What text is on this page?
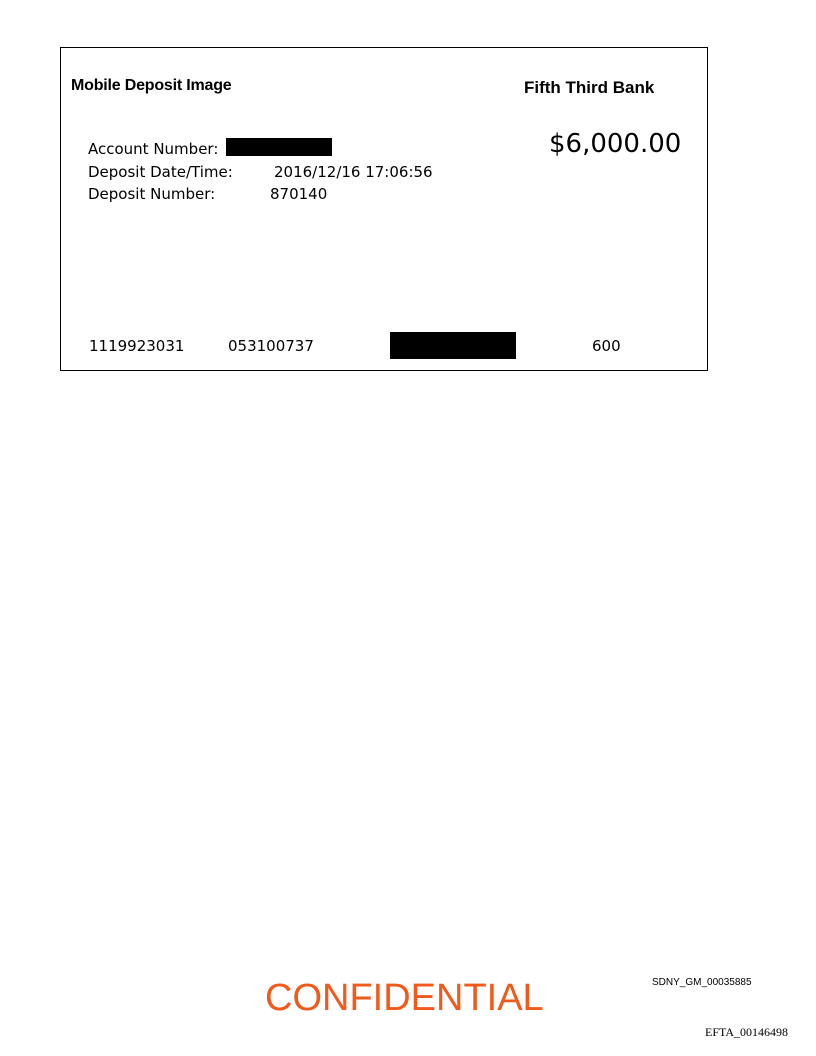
Mobile Deposit Image	Fifth Third Bank
$6,000.00
Account Number:
Deposit Date/Time:	2016/12/16 17:06:56
Deposit Number:	870140
1119923031	053100737	600
CONFIDENTIAL	SDNY_GM_00035885
EFTA_00146498
